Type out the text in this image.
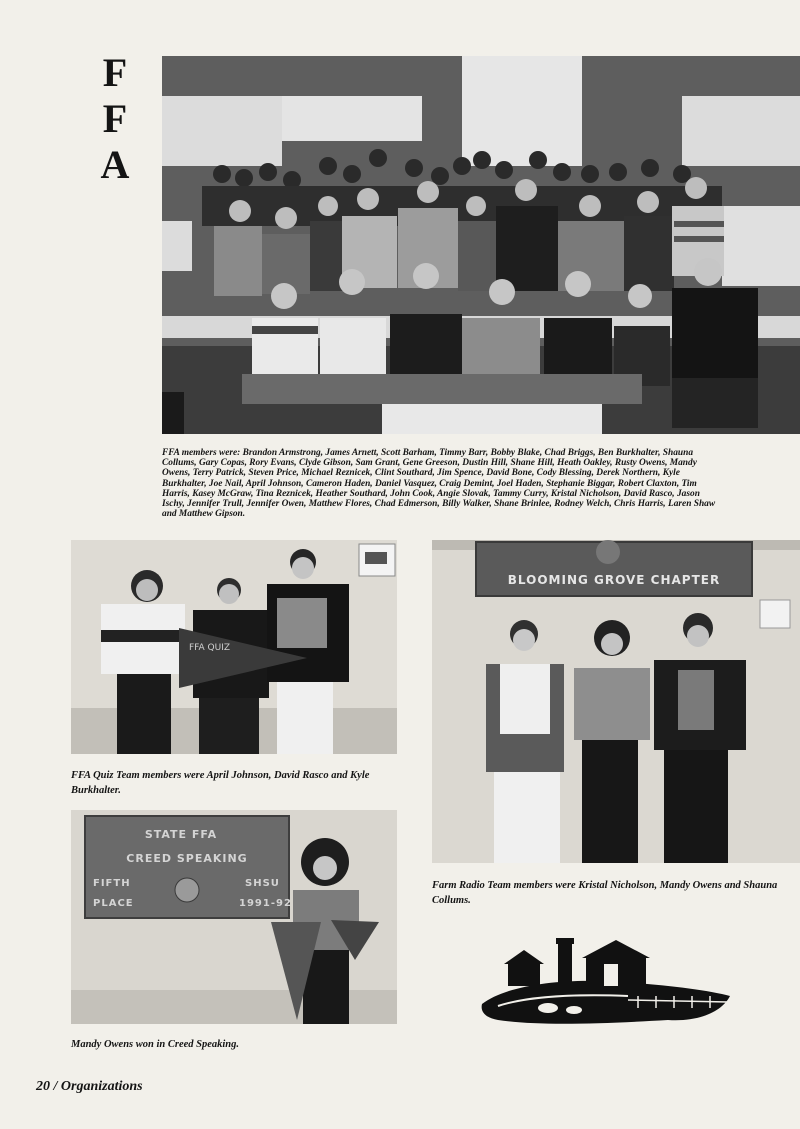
F
F
A
FFA members were: Brandon Armstrong, James Arnett, Scott Barham, Timmy Barr, Bobby Blake, Chad Briggs, Ben Burkhalter, Shauna
Collums, Gary Copas, Rory Evans, Clyde Gibson, Sam Grant, Gene Greeson, Dustin Hill, Shane Hill, Heath Oakley, Rusty Owens, Mandy
Owens, Terry Patrick, Steven Price, Michael Reznicek, Clint Southard, Jim Spence, David Bone, Cody Blessing, Derek Northern, Kyle
Burkhalter, Joe Nail, April Johnson, Cameron Haden, Daniel Vasquez, Craig Demint, Joel Haden, Stephanie Biggar, Robert Claxton, Tim
Harris, Kasey McGraw, Tina Reznicek, Heather Southard, John Cook, Angie Slovak, Tammy Curry, Kristal Nicholson, David Rasco, Jason
Ischy, Jennifer Trull, Jennifer Owen, Matthew Flores, Chad Edmerson, Billy Walker, Shane Brinlee, Rodney Welch, Chris Harris, Laren Shaw
and Matthew Gipson.
FFA QUIZ
FFA Quiz Team members were April Johnson, David Rasco and Kyle Burkhalter.
BLOOMING GROVE CHAPTER
Farm Radio Team members were Kristal Nicholson, Mandy Owens and Shauna Collums.
STATE FFA
CREED SPEAKING
FIFTH
PLACE
SHSU
1991-92
Mandy Owens won in Creed Speaking.
20 / Organizations
